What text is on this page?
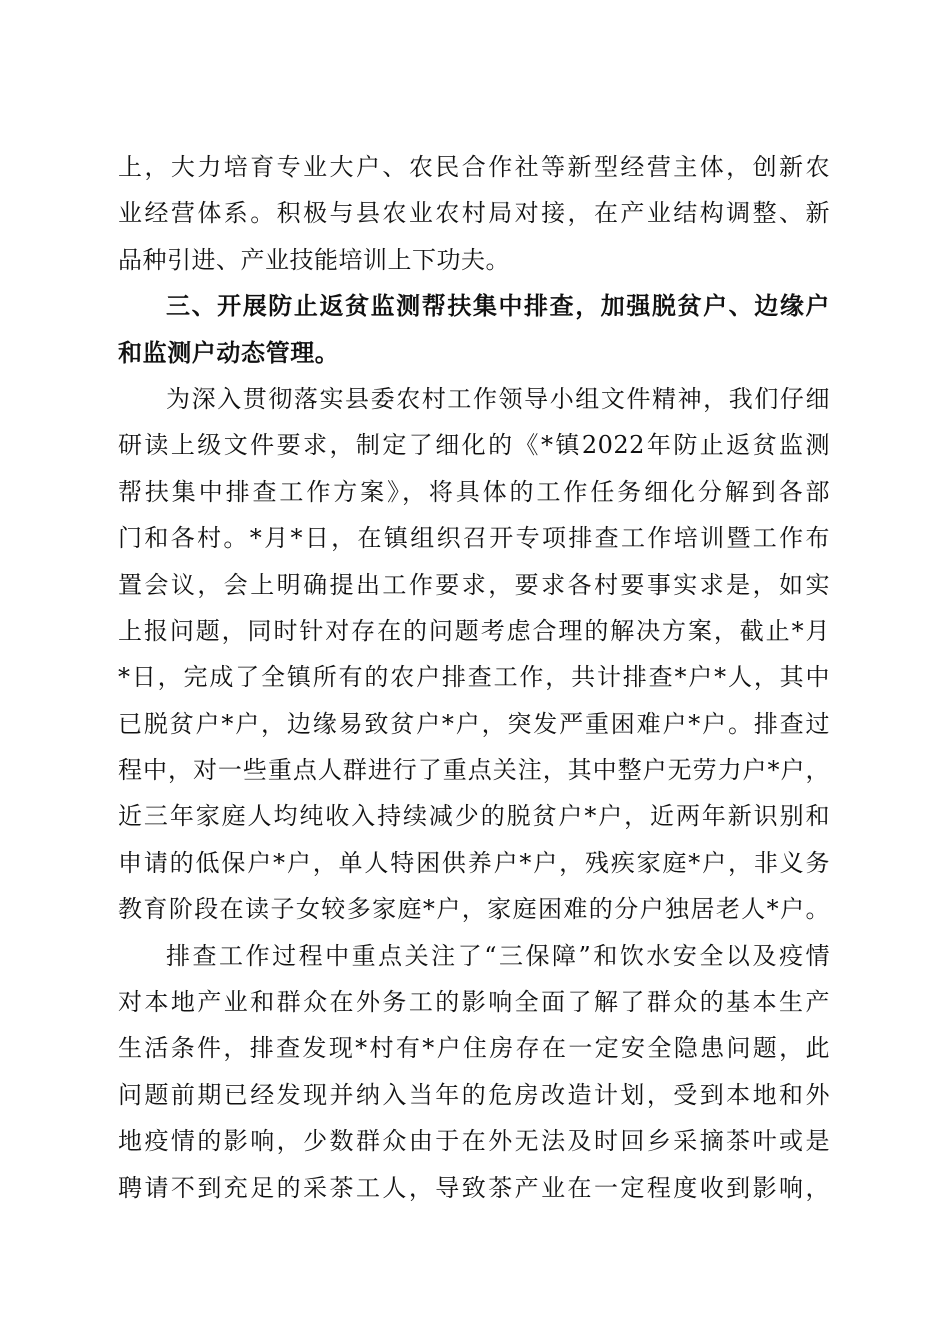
上，大力培育专业大户、农民合作社等新型经营主体，创新农
业经营体系。积极与县农业农村局对接，在产业结构调整、新
品种引进、产业技能培训上下功夫。
三、开展防止返贫监测帮扶集中排查，加强脱贫户、边缘户
和监测户动态管理。
为深入贯彻落实县委农村工作领导小组文件精神，我们仔细
研读上级文件要求，制定了细化的《*镇2022年防止返贫监测
帮扶集中排查工作方案》，将具体的工作任务细化分解到各部
门和各村。*月*日，在镇组织召开专项排查工作培训暨工作布
置会议，会上明确提出工作要求，要求各村要事实求是，如实
上报问题，同时针对存在的问题考虑合理的解决方案，截止*月
*日，完成了全镇所有的农户排查工作，共计排查*户*人，其中
已脱贫户*户，边缘易致贫户*户，突发严重困难户*户。排查过
程中，对一些重点人群进行了重点关注，其中整户无劳力户*户，
近三年家庭人均纯收入持续减少的脱贫户*户，近两年新识别和
申请的低保户*户，单人特困供养户*户，残疾家庭*户，非义务
教育阶段在读子女较多家庭*户，家庭困难的分户独居老人*户。
排查工作过程中重点关注了“三保障”和饮水安全以及疫情
对本地产业和群众在外务工的影响全面了解了群众的基本生产
生活条件，排查发现*村有*户住房存在一定安全隐患问题，此
问题前期已经发现并纳入当年的危房改造计划，受到本地和外
地疫情的影响，少数群众由于在外无法及时回乡采摘茶叶或是
聘请不到充足的采茶工人，导致茶产业在一定程度收到影响，
